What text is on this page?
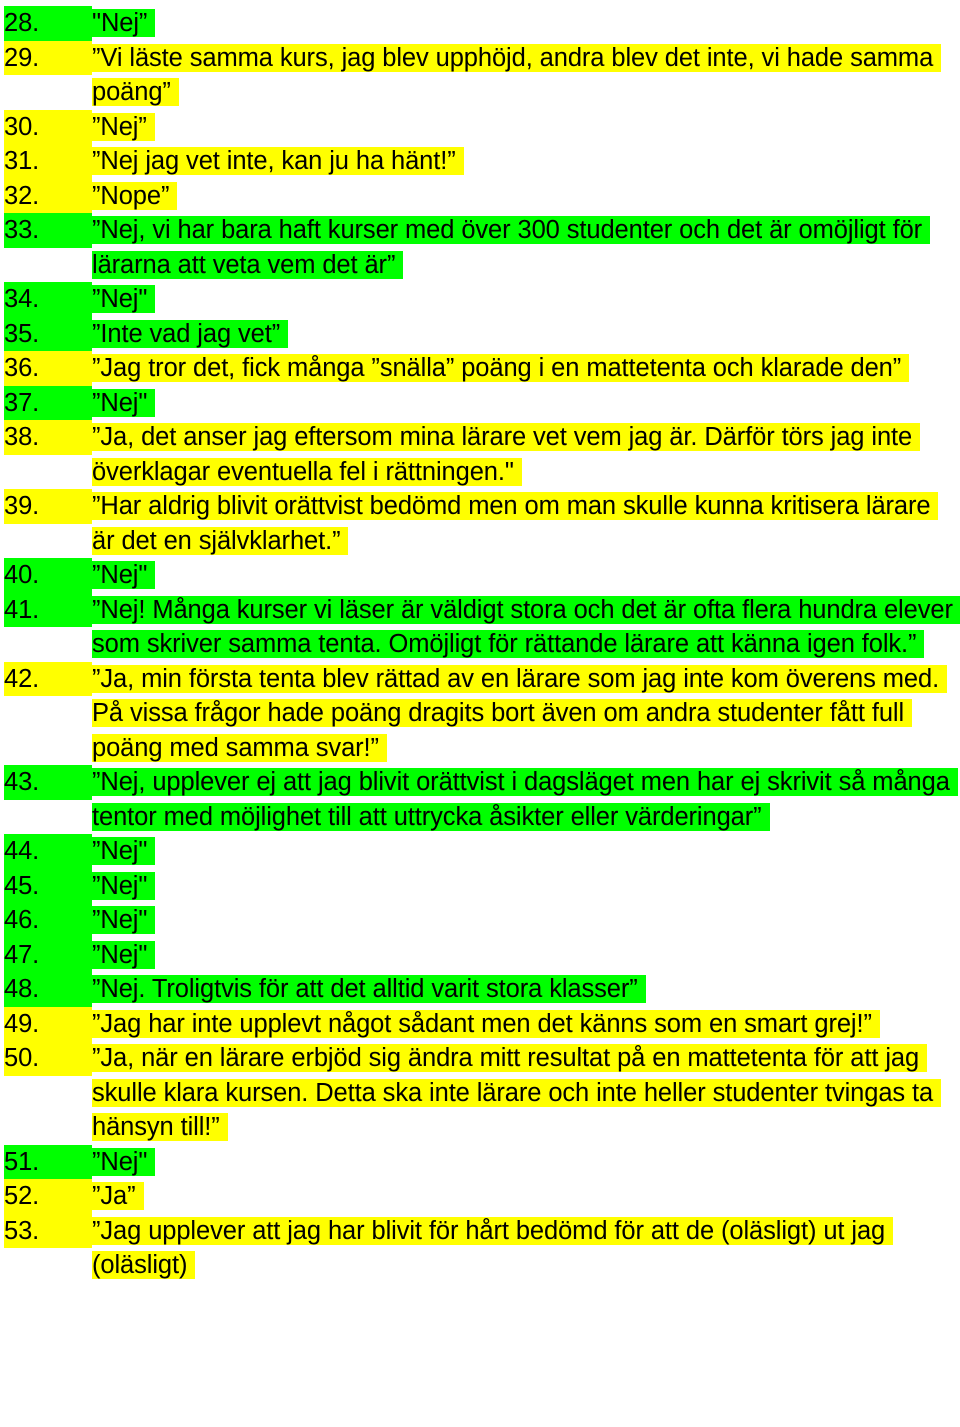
28.	"Nej”
29.	”Vi läste samma kurs, jag blev upphöjd, andra blev det inte, vi hade samma poäng”
30.	”Nej”
31.	”Nej jag vet inte, kan ju ha hänt!”
32.	”Nope”
33.	”Nej, vi har bara haft kurser med över 300 studenter och det är omöjligt för lärarna att veta vem det är”
34.	”Nej"
35.	”Inte vad jag vet”
36.	”Jag tror det, fick många ”snälla” poäng i en mattetenta och klarade den”
37.	”Nej"
38.	”Ja, det anser jag eftersom mina lärare vet vem jag är. Därför törs jag inte överklagar eventuella fel i rättningen."
39.	”Har aldrig blivit orättvist bedömd men om man skulle kunna kritisera lärare är det en självklarhet.”
40.	”Nej"
41.	”Nej! Många kurser vi läser är väldigt stora och det är ofta flera hundra elever som skriver samma tenta. Omöjligt för rättande lärare att känna igen folk.”
42.	”Ja, min första tenta blev rättad av en lärare som jag inte kom överens med. På vissa frågor hade poäng dragits bort även om andra studenter fått full poäng med samma svar!”
43.	”Nej, upplever ej att jag blivit orättvist i dagsläget men har ej skrivit så många tentor med möjlighet till att uttrycka åsikter eller värderingar”
44.	”Nej"
45.	”Nej"
46.	”Nej"
47.	”Nej"
48.	”Nej. Troligtvis för att det alltid varit stora klasser”
49.	”Jag har inte upplevt något sådant men det känns som en smart grej!”
50.	”Ja, när en lärare erbjöd sig ändra mitt resultat på en mattetenta för att jag skulle klara kursen. Detta ska inte lärare och inte heller studenter tvingas ta hänsyn till!”
51.	”Nej"
52.	”Ja”
53.	”Jag upplever att jag har blivit för hårt bedömd för att de (oläsligt) ut jag (oläsligt)
